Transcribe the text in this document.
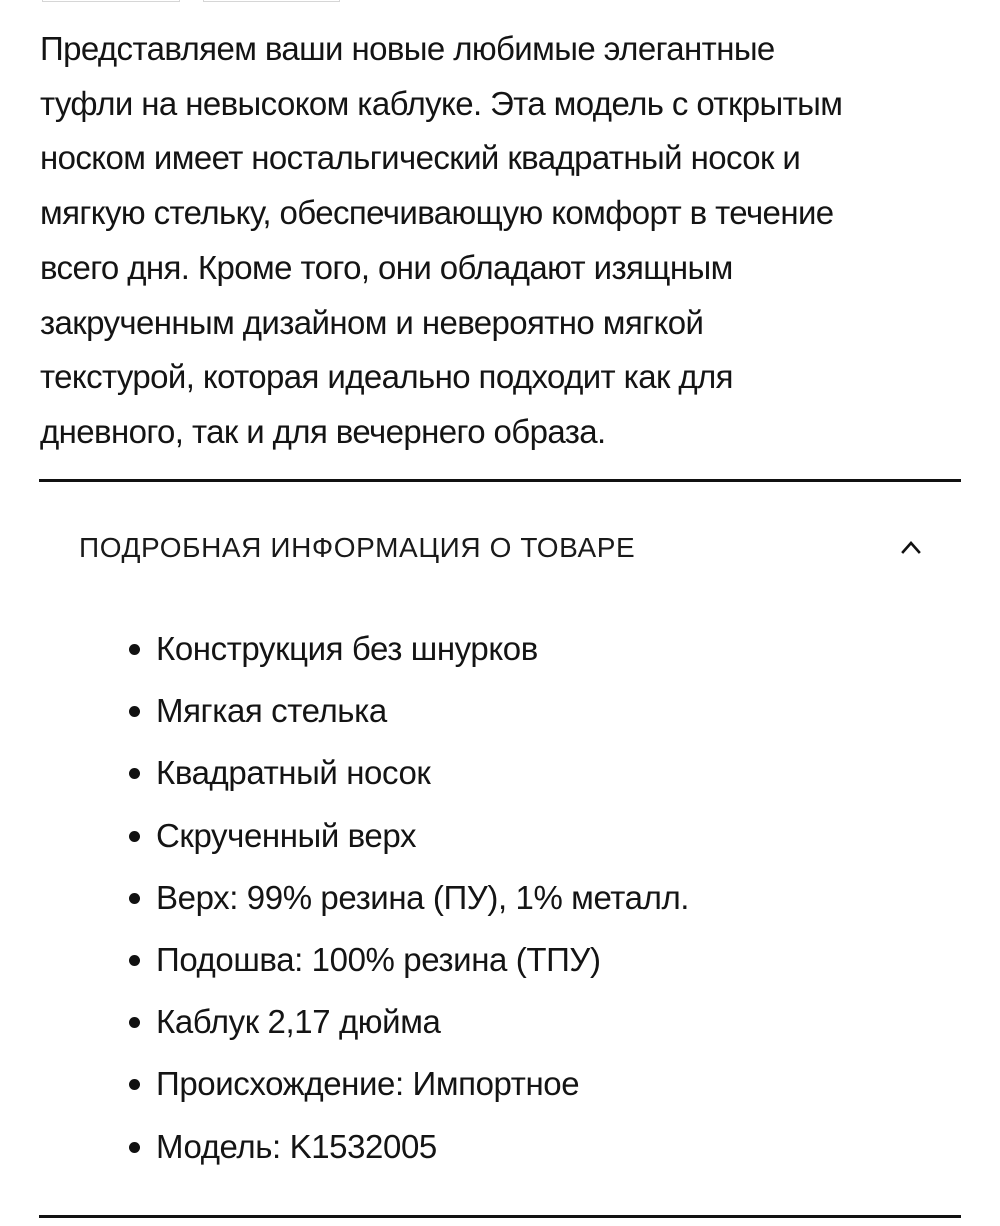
Представляем ваши новые любимые элегантные
туфли на невысоком каблуке. Эта модель с открытым
носком имеет ностальгический квадратный носок и
мягкую стельку, обеспечивающую комфорт в течение
всего дня. Кроме того, они обладают изящным
закрученным дизайном и невероятно мягкой
текстурой, которая идеально подходит как для
дневного, так и для вечернего образа.

ПОДРОБНАЯ ИНФОРМАЦИЯ О ТОВАРЕ
Конструкция без шнурков
Мягкая стелька
Квадратный носок
Скрученный верх
Верх: 99% резина (ПУ), 1% металл.
Подошва: 100% резина (ТПУ)
Каблук 2,17 дюйма
Происхождение: Импортное
Модель: K1532005
